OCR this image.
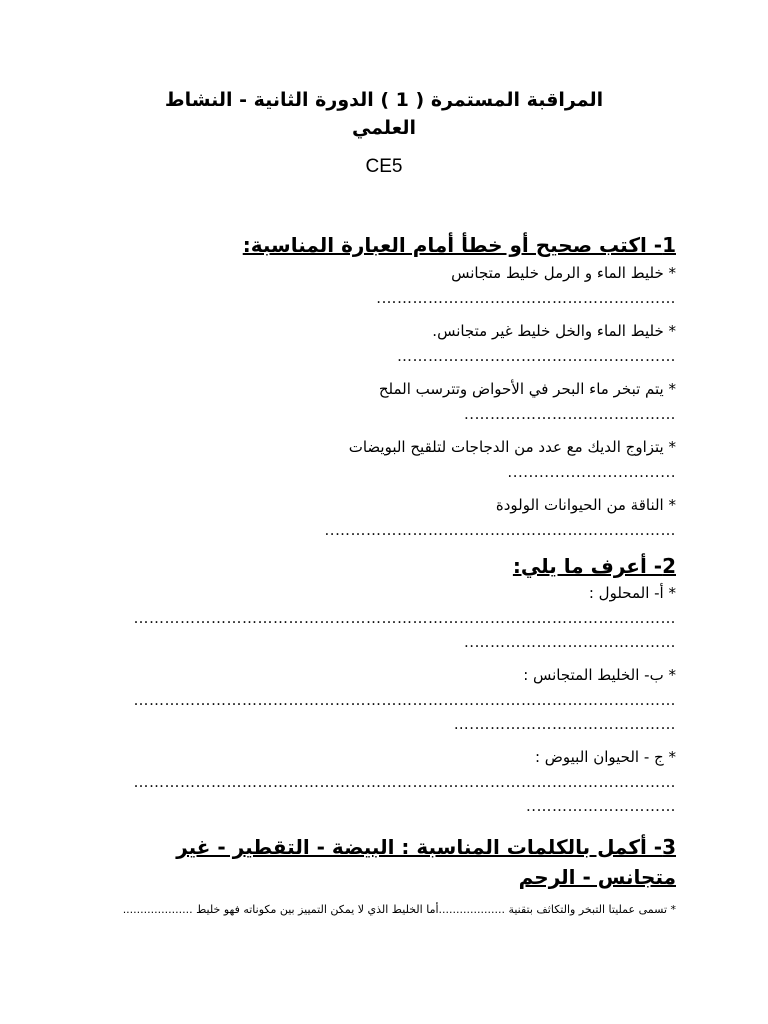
المراقبة المستمرة ( 1 ) الدورة الثانية - النشاط العلمي

CE5

1- اكتب صحيح أو خطأ أمام العبارة المناسبة:

* خليط الماء و الرمل خليط متجانس
………………………………………………….
* خليط الماء والخل خليط غير متجانس.
………………………………………………
* يتم تبخر ماء البحر في الأحواض وتترسب الملح
…………………………………..
* يتزاوج الديك مع عدد من الدجاجات لتلقيح البويضات
................................
* الناقة من الحيوانات الولودة
…………………………………………………………..

2- أعرف ما يلي:

* أ- المحلول :
……………………………………………………………………………………………
…………………………………..
* ب- الخليط المتجانس :
……………………………………………………………………………………………
………………………………….…
* ج - الحيوان البيوض :
……………………………………………………………………………………………
………………………..

3- أكمل بالكلمات المناسبة : البيضة - التقطير - غير متجانس - الرحم

* تسمى عمليتا التبخر والتكاثف بتقنية ...................أما الخليط الذي لا يمكن التمييز بين مكوناته فهو خليط ....................
